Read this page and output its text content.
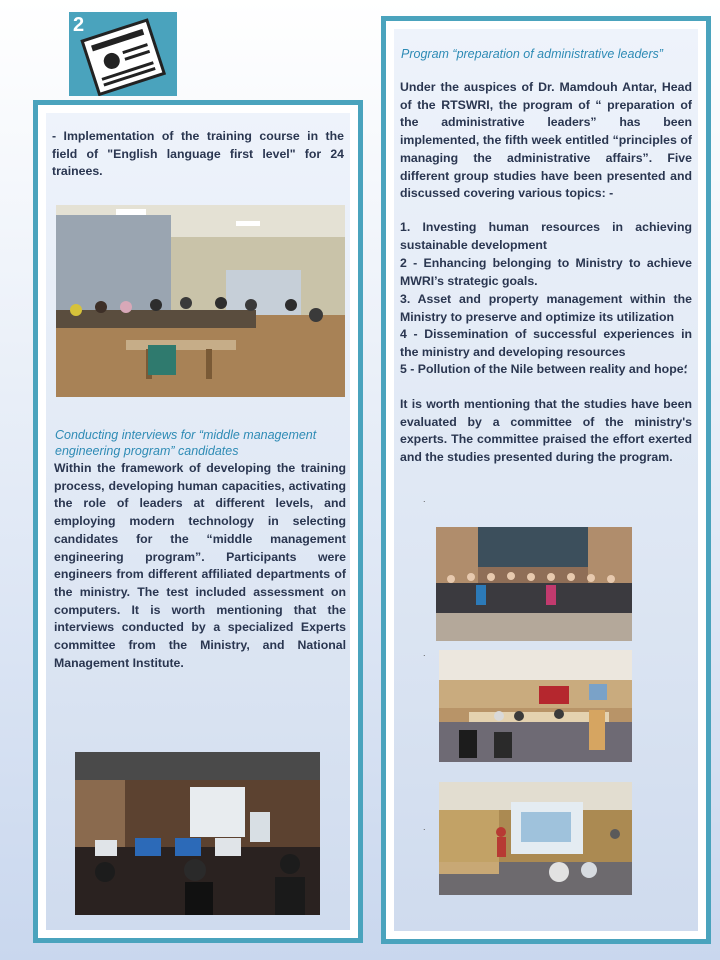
2
- Implementation of the training course in the field of "English language first level" for 24 trainees.
Conducting interviews for “middle management engineering program” candidates
Within the framework of developing the training process, developing human capacities, activating the role of leaders at different levels, and employing modern technology in selecting candidates for the “middle management engineering program”. Participants were engineers from different affiliated departments of the ministry. The test included assessment on computers. It is worth mentioning that the interviews conducted by a specialized Experts committee from the Ministry, and National Management Institute.
Program “preparation of administrative leaders”
Under the auspices of Dr. Mamdouh Antar, Head of the RTSWRI, the program of “ preparation of the administrative leaders” has been implemented, the fifth week entitled “principles of managing the administrative affairs”. Five different group studies have been presented and discussed covering various topics: -
1. Investing human resources in achieving sustainable development
2 - Enhancing belonging to Ministry to achieve MWRI’s strategic goals.
3. Asset and property management within the Ministry to preserve and optimize its utilization
4 - Dissemination of successful experiences in the ministry and developing resources
5 - Pollution of the Nile between reality and hope؛
It is worth mentioning that the studies have been evaluated by a committee of the ministry's experts. The committee praised the effort exerted and the studies presented during the program.
.
.
.
